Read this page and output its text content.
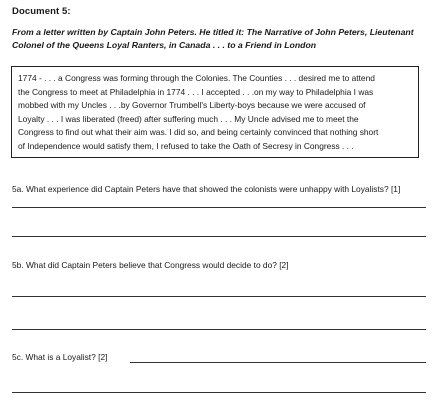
Document 5:
From a letter written by Captain John Peters. He titled it: The Narrative of John Peters, Lieutenant
Colonel of the Queens Loyal Ranters, in Canada . . . to a Friend in London
1774 - . . . a Congress was forming through the Colonies. The Counties . . . desired me to attend
the Congress to meet at Philadelphia in 1774 . . . I accepted . . .on my way to Philadelphia I was
mobbed with my Uncles . . .by Governor Trumbell's Liberty-boys because we were accused of
Loyalty . . . I was liberated (freed) after suffering much . . . My Uncle advised me to meet the
Congress to find out what their aim was. I did so, and being certainly convinced that nothing short
of Independence would satisfy them, I refused to take the Oath of Secresy in Congress . . .
5a. What experience did Captain Peters have that showed the colonists were unhappy with Loyalists? [1]
5b. What did Captain Peters believe that Congress would decide to do? [2]
5c. What is a Loyalist? [2]
